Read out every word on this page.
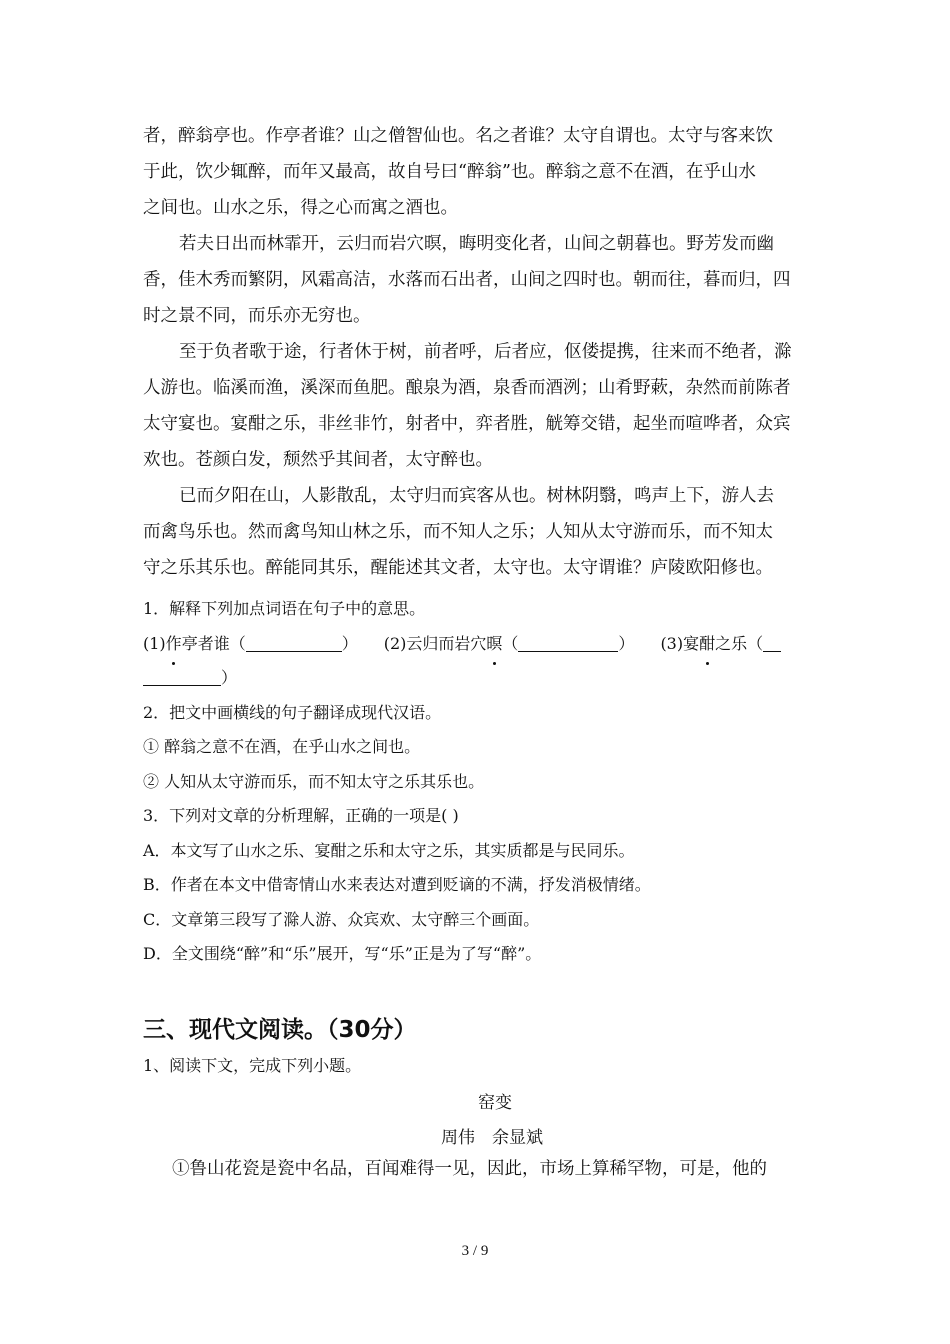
者，醉翁亭也。作亭者谁？山之僧智仙也。名之者谁？太守自谓也。太守与客来饮
于此，饮少辄醉，而年又最高，故自号曰“醉翁”也。醉翁之意不在酒，在乎山水
之间也。山水之乐，得之心而寓之酒也。
若夫日出而林霏开，云归而岩穴暝，晦明变化者，山间之朝暮也。野芳发而幽
香，佳木秀而繁阴，风霜高洁，水落而石出者，山间之四时也。朝而往，暮而归，四
时之景不同，而乐亦无穷也。
至于负者歌于途，行者休于树，前者呼，后者应，伛偻提携，往来而不绝者，滁
人游也。临溪而渔，溪深而鱼肥。酿泉为酒，泉香而酒洌；山肴野蔌，杂然而前陈者
太守宴也。宴酣之乐，非丝非竹，射者中，弈者胜，觥筹交错，起坐而喧哗者，众宾
欢也。苍颜白发，颓然乎其间者，太守醉也。
已而夕阳在山，人影散乱，太守归而宾客从也。树林阴翳，鸣声上下，游人去
而禽鸟乐也。然而禽鸟知山林之乐，而不知人之乐；人知从太守游而乐，而不知太
守之乐其乐也。醉能同其乐，醒能述其文者，太守也。太守谓谁？庐陵欧阳修也。
1．解释下列加点词语在句子中的意思。
(1)作亭者谁（	） (2)云归而岩穴暝（	） (3)宴酣之乐（
）
2．把文中画横线的句子翻译成现代汉语。
① 醉翁之意不在酒，在乎山水之间也。
② 人知从太守游而乐，而不知太守之乐其乐也。
3．下列对文章的分析理解，正确的一项是( )
A．本文写了山水之乐、宴酣之乐和太守之乐，其实质都是与民同乐。
B．作者在本文中借寄情山水来表达对遭到贬谪的不满，抒发消极情绪。
C．文章第三段写了滁人游、众宾欢、太守醉三个画面。
D．全文围绕“醉”和“乐”展开，写“乐”正是为了写“醉”。
三、现代文阅读。（30分）
1、阅读下文，完成下列小题。
窑变
周伟　余显斌
①鲁山花瓷是瓷中名品，百闻难得一见，因此，市场上算稀罕物，可是，他的
3 / 9
